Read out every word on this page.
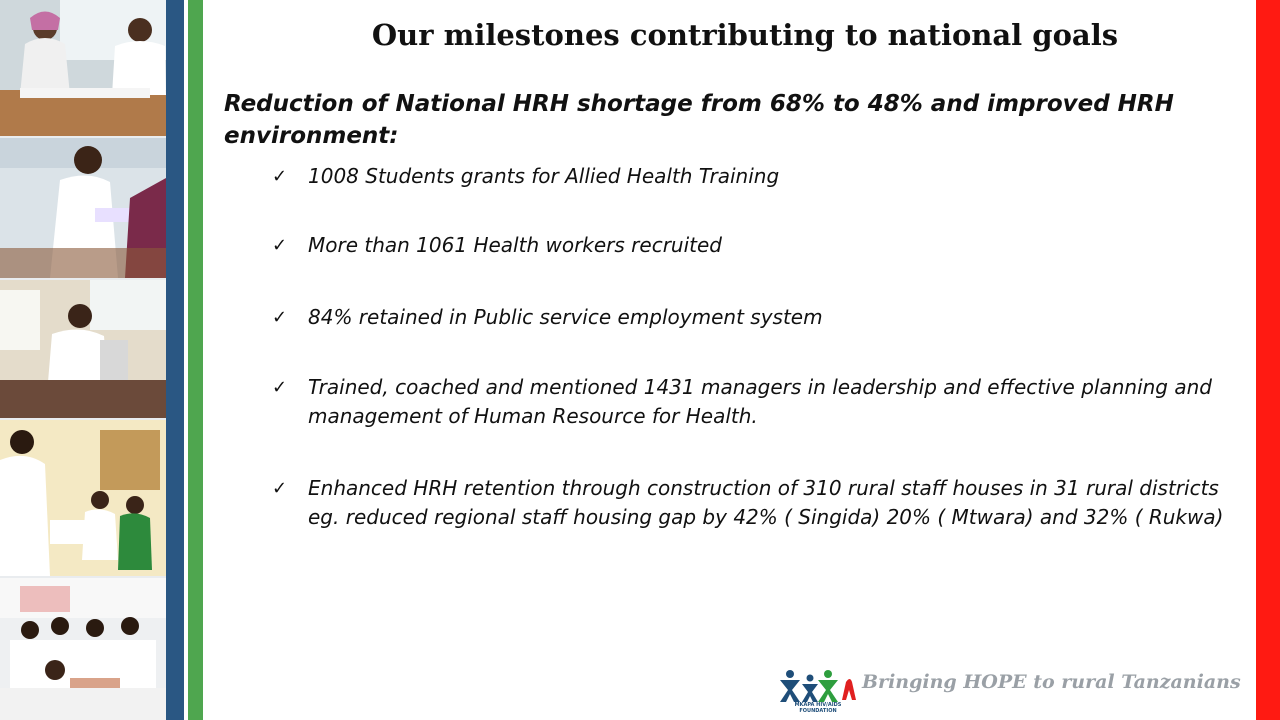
Our milestones contributing to national goals
Reduction of National HRH shortage from 68% to 48% and improved HRH environment:
✓ 1008 Students grants for Allied Health Training
✓ More than 1061 Health workers recruited
✓ 84% retained in Public service employment system
✓ Trained, coached and mentioned 1431 managers in leadership and effective planning and management of Human Resource for Health.
✓ Enhanced HRH retention through construction of 310 rural staff houses in 31 rural districts eg. reduced regional staff housing gap by 42% ( Singida) 20% ( Mtwara) and 32% ( Rukwa)
MKAPA HIV/AIDS FOUNDATION
Bringing HOPE to rural Tanzanians
